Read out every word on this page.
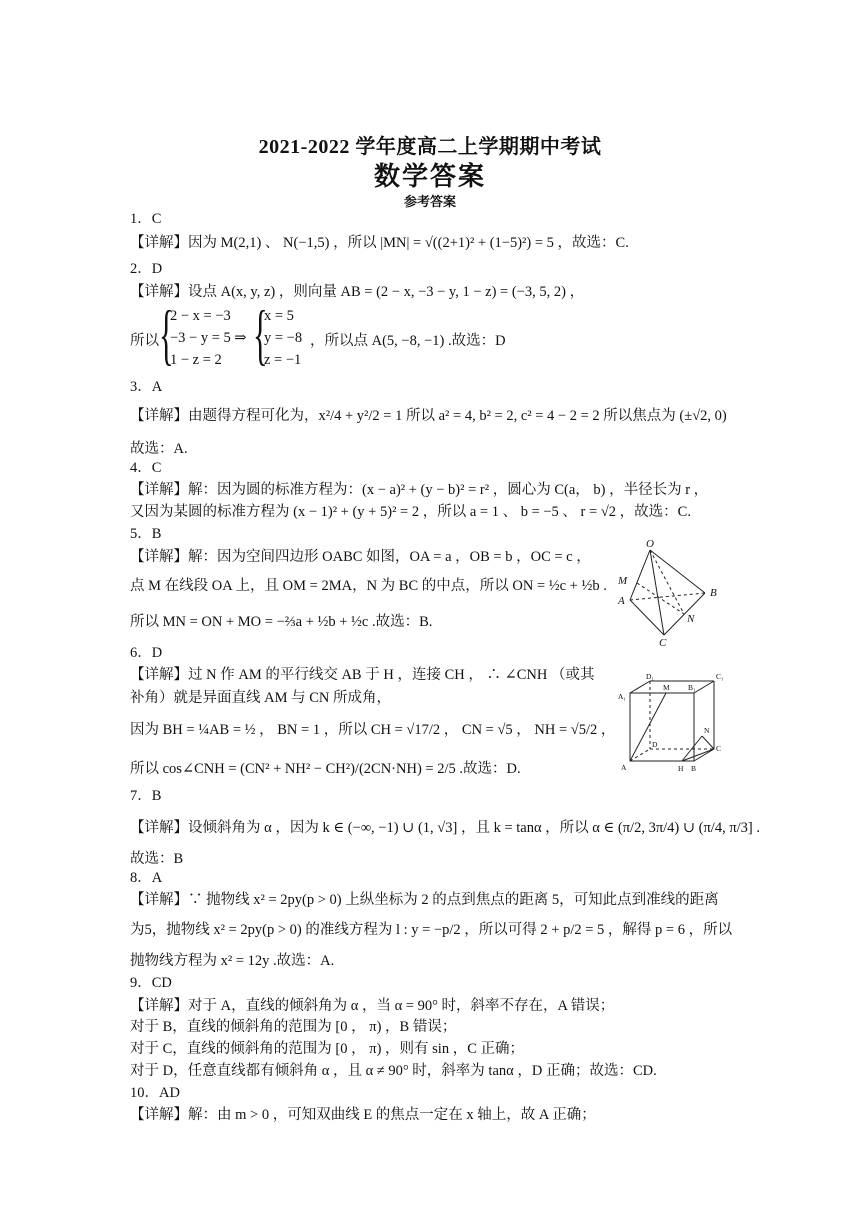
2021-2022 学年度高二上学期期中考试
数学答案
参考答案
1．C
【详解】因为 M(2,1) 、 N(−1,5) ，所以 |MN| = √((2+1)² + (1−5)²) = 5 ，故选：C.
2．D
【详解】设点 A(x, y, z) ，则向量 AB = (2 − x, −3 − y, 1 − z) = (−3, 5, 2) ，
所以 {
2 − x = −3
−3 − y = 5 ⇒
1 − z = 2 {
x = 5
y = −8
z = −1
，所以点 A(5, −8, −1) .故选：D
3．A
【详解】由题得方程可化为，x²/4 + y²/2 = 1 所以 a² = 4, b² = 2, c² = 4 − 2 = 2 所以焦点为 (±√2, 0)
故选：A.
4．C
【详解】解：因为圆的标准方程为：(x − a)² + (y − b)² = r² ，圆心为 C(a， b) ，半径长为 r ，
又因为某圆的标准方程为 (x − 1)² + (y + 5)² = 2 ，所以 a = 1 、 b = −5 、 r = √2 ，故选：C.
5．B
【详解】解：因为空间四边形 OABC 如图，OA = a ，OB = b ，OC = c ，
点 M 在线段 OA 上，且 OM = 2MA，N 为 BC 的中点，所以 ON = ½c + ½b .
所以 MN = ON + MO = −⅔a + ½b + ½c .故选：B.
O
M
A
B
N
C
6．D
【详解】过 N 作 AM 的平行线交 AB 于 H ，连接 CH ， ∴ ∠CNH （或其
补角）就是异面直线 AM 与 CN 所成角，
因为 BH = ¼AB = ½ ， BN = 1 ，所以 CH = √17/2 ， CN = √5 ， NH = √5/2 ，
所以 cos∠CNH = (CN² + NH² − CH²)/(2CN·NH) = 2/5 .故选：D.
D₁
M B₁
C₁
A₁
N
D	C
A	H B
7．B
【详解】设倾斜角为 α ，因为 k ∈ (−∞, −1) ∪ (1, √3] ，且 k = tanα ，所以 α ∈ (π/2, 3π/4) ∪ (π/4, π/3] .
故选：B
8．A
【详解】∵ 抛物线 x² = 2py(p > 0) 上纵坐标为 2 的点到焦点的距离 5，可知此点到准线的距离
为5，抛物线 x² = 2py(p > 0) 的准线方程为 l : y = −p/2 ，所以可得 2 + p/2 = 5 ，解得 p = 6 ，所以
抛物线方程为 x² = 12y .故选：A.
9．CD
【详解】对于 A，直线的倾斜角为 α ，当 α = 90° 时，斜率不存在，A 错误；
对于 B，直线的倾斜角的范围为 [0 ， π) ，B 错误；
对于 C，直线的倾斜角的范围为 [0 ， π) ，则有 sin ，C 正确；
对于 D，任意直线都有倾斜角 α ，且 α ≠ 90° 时，斜率为 tanα ，D 正确；故选：CD.
10．AD
【详解】解：由 m > 0 ，可知双曲线 E 的焦点一定在 x 轴上，故 A 正确；
